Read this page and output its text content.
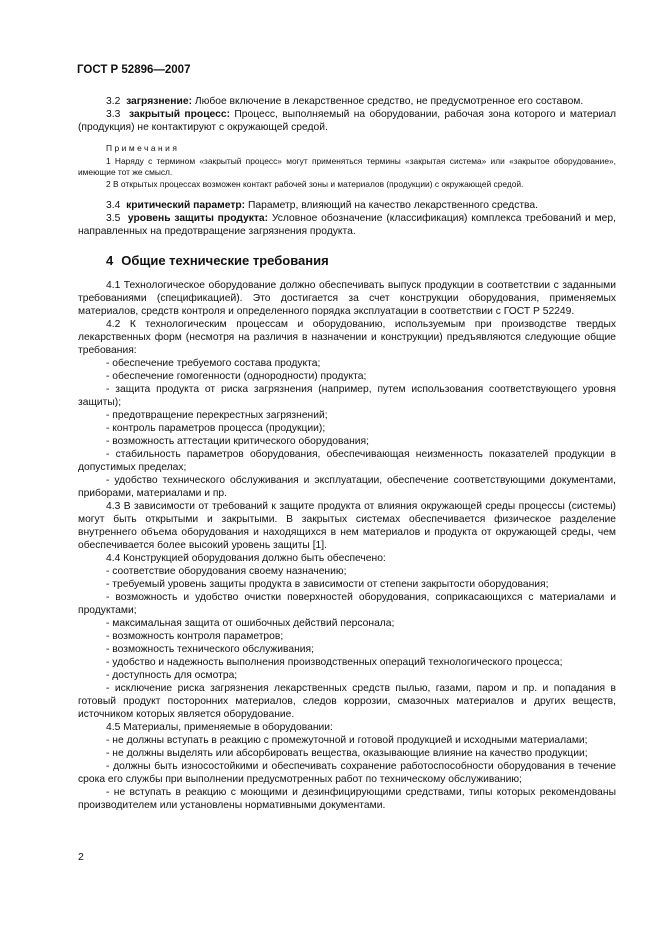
ГОСТ Р 52896—2007

3.2 загрязнение: Любое включение в лекарственное средство, не предусмотренное его составом.

3.3 закрытый процесс: Процесс, выполняемый на оборудовании, рабочая зона которого и материал (продукция) не контактируют с окружающей средой.

Примечания

1 Наряду с термином «закрытый процесс» могут применяться термины «закрытая система» или «закрытое оборудование», имеющие тот же смысл.

2 В открытых процессах возможен контакт рабочей зоны и материалов (продукции) с окружающей средой.

3.4 критический параметр: Параметр, влияющий на качество лекарственного средства.

3.5 уровень защиты продукта: Условное обозначение (классификация) комплекса требований и мер, направленных на предотвращение загрязнения продукта.

4 Общие технические требования

4.1 Технологическое оборудование должно обеспечивать выпуск продукции в соответствии с заданными требованиями (спецификацией). Это достигается за счет конструкции оборудования, применяемых материалов, средств контроля и определенного порядка эксплуатации в соответствии с ГОСТ Р 52249.

4.2 К технологическим процессам и оборудованию, используемым при производстве твердых лекарственных форм (несмотря на различия в назначении и конструкции) предъявляются следующие общие требования:

- обеспечение требуемого состава продукта;

- обеспечение гомогенности (однородности) продукта;

- защита продукта от риска загрязнения (например, путем использования соответствующего уровня защиты);

- предотвращение перекрестных загрязнений;

- контроль параметров процесса (продукции);

- возможность аттестации критического оборудования;

- стабильность параметров оборудования, обеспечивающая неизменность показателей продукции в допустимых пределах;

- удобство технического обслуживания и эксплуатации, обеспечение соответствующими документами, приборами, материалами и пр.

4.3 В зависимости от требований к защите продукта от влияния окружающей среды процессы (системы) могут быть открытыми и закрытыми. В закрытых системах обеспечивается физическое разделение внутреннего объема оборудования и находящихся в нем материалов и продукта от окружающей среды, чем обеспечивается более высокий уровень защиты [1].

4.4 Конструкцией оборудования должно быть обеспечено:

- соответствие оборудования своему назначению;

- требуемый уровень защиты продукта в зависимости от степени закрытости оборудования;

- возможность и удобство очистки поверхностей оборудования, соприкасающихся с материалами и продуктами;

- максимальная защита от ошибочных действий персонала;

- возможность контроля параметров;

- возможность технического обслуживания;

- удобство и надежность выполнения производственных операций технологического процесса;

- доступность для осмотра;

- исключение риска загрязнения лекарственных средств пылью, газами, паром и пр. и попадания в готовый продукт посторонних материалов, следов коррозии, смазочных материалов и других веществ, источником которых является оборудование.

4.5 Материалы, применяемые в оборудовании:

- не должны вступать в реакцию с промежуточной и готовой продукцией и исходными материалами;

- не должны выделять или абсорбировать вещества, оказывающие влияние на качество продукции;

- должны быть износостойкими и обеспечивать сохранение работоспособности оборудования в течение срока его службы при выполнении предусмотренных работ по техническому обслуживанию;

- не вступать в реакцию с моющими и дезинфицирующими средствами, типы которых рекомендованы производителем или установлены нормативными документами.

2
